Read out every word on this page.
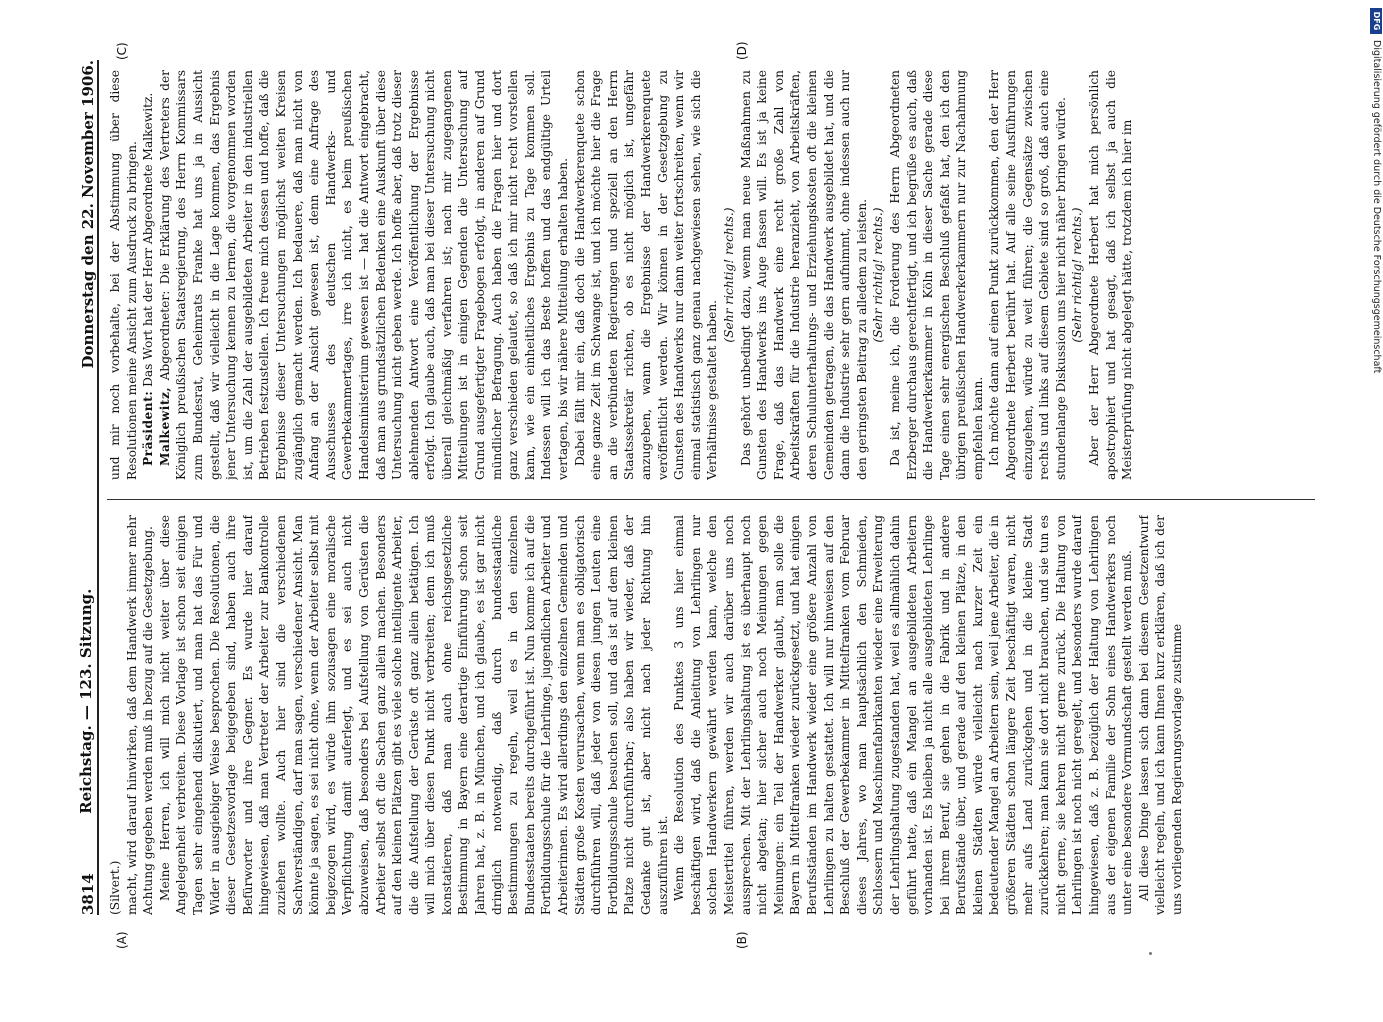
3814
Reichstag. — 123. Sitzung.
Donnerstag den 22. November 1906.
(A)	(B)
(C)	(D)

(Silvert.) macht, wird darauf hinwirken, daß dem Handwerk immer mehr Achtung gegeben werden muß in bezug auf die Gesetzgebung. Meine Herren, ich will mich nicht weiter über diese Angelegenheit verbreiten. Diese Vorlage ist schon seit einigen Tagen sehr eingehend diskutiert, und man hat das Für und Wider in ausgiebiger Weise besprochen. Die Resolutionen, die dieser Gesetzesvorlage beigegeben sind, haben auch ihre Befürworter und ihre Gegner. Es wurde hier darauf hingewiesen, daß man Vertreter der Arbeiter zur Bankontrolle zuziehen wollte. Auch hier sind die verschiedenen Sachverständigen, darf man sagen, verschiedener Ansicht. Man könnte ja sagen, es sei nicht ohne, wenn der Arbeiter selbst mit beigezogen wird, es würde ihm sozusagen eine moralische Verpflichtung damit auferlegt, und es sei auch nicht abzuweisen, daß besonders bei Aufstellung von Gerüsten die Arbeiter selbst oft die Sachen ganz allein machen. Besonders auf den kleinen Plätzen gibt es viele solche intelligente Arbeiter, die die Aufstellung der Gerüste oft ganz allein betätigen. Ich will mich über diesen Punkt nicht verbreiten; denn ich muß konstatieren, daß man auch ohne reichsgesetzliche Bestimmung in Bayern eine derartige Einführung schon seit Jahren hat, z. B. in München, und ich glaube, es ist gar nicht dringlich notwendig, daß durch bundesstaatliche Bestimmungen zu regeln, weil es in den einzelnen Bundesstaaten bereits durchgeführt ist. Nun komme ich auf die Fortbildungsschule für die Lehrlinge, jugendlichen Arbeiter und Arbeiterinnen. Es wird allerdings den einzelnen Gemeinden und Städten große Kosten verursachen, wenn man es obligatorisch durchführen will, daß jeder von diesen jungen Leuten eine Fortbildungsschule besuchen soll, und das ist auf dem kleinen Platze nicht durchführbar; also haben wir wieder, daß der Gedanke gut ist, aber nicht nach jeder Richtung hin auszuführen ist. Wenn die Resolution des Punktes 3 uns hier einmal beschäftigen wird, daß die Anleitung von Lehrlingen nur solchen Handwerkern gewährt werden kann, welche den Meistertitel führen, werden wir auch darüber uns noch aussprechen. Mit der Lehrlingshaltung ist es überhaupt noch nicht abgetan; hier sicher auch noch Meinungen gegen Meinungen: ein Teil der Handwerker glaubt, man solle die Bayern in Mittelfranken wieder zurückgesetzt, und hat einigen Berufsständen im Handwerk wieder eine größere Anzahl von Lehrlingen zu halten gestattet. Ich will nur hinweisen auf den Beschluß der Gewerbekammer in Mittelfranken vom Februar dieses Jahres, wo man hauptsächlich den Schmieden, Schlossern und Maschinenfabrikanten wieder eine Erweiterung der Lehrlingshaltung zugestanden hat, weil es allmählich dahin geführt hatte, daß ein Mangel an ausgebildeten Arbeitern vorhanden ist. Es bleiben ja nicht alle ausgebildeten Lehrlinge bei ihrem Beruf, sie gehen in die Fabrik und in andere Berufsstände über, und gerade auf den kleinen Plätze, in den kleinen Städten würde vielleicht nach kurzer Zeit ein bedeutender Mangel an Arbeitern sein, weil jene Arbeiter, die in größeren Städten schon längere Zeit beschäftigt waren, nicht mehr aufs Land zurückgehen und in die kleine Stadt zurückkehren; man kann sie dort nicht brauchen, und sie tun es nicht gerne, sie kehren nicht gerne zurück. Die Haltung von Lehrlingen ist noch nicht geregelt, und besonders wurde darauf hingewiesen, daß z. B. bezüglich der Haltung von Lehrlingen aus der eigenen Familie der Sohn eines Handwerkers noch unter eine besondere Vormundschaft gestellt werden muß. All diese Dinge lassen sich dann bei diesem Gesetzentwurf vielleicht regeln, und ich kann Ihnen kurz erklären, daß ich der uns vorliegenden Regierungsvorlage zustimme

und mir noch vorbehalte, bei der Abstimmung über diese Resolutionen meine Ansicht zum Ausdruck zu bringen. Präsident: Das Wort hat der Herr Abgeordnete Malkewitz.

Malkewitz, Abgeordneter: Die Erklärung des Vertreters der Königlich preußischen Staatsregierung, des Herrn Kommissars zum Bundesrat, Geheimrats Franke hat uns ja in Aussicht gestellt, daß wir vielleicht in die Lage kommen, das Ergebnis jener Untersuchung kennen zu lernen, die vorgenommen worden ist, um die Zahl der ausgebildeten Arbeiter in den industriellen Betrieben festzustellen. Ich freue mich dessen und hoffe, daß die Ergebnisse dieser Untersuchungen möglichst weiten Kreisen zugänglich gemacht werden. Ich bedauere, daß man nicht von Anfang an der Ansicht gewesen ist, denn eine Anfrage des Ausschusses des deutschen Handwerks- und Gewerbekammertages, irre ich nicht, es beim preußischen Handelsministerium gewesen ist — hat die Antwort eingebracht, daß man aus grundsätzlichen Bedenken eine Auskunft über diese Untersuchung nicht geben werde. Ich hoffe aber, daß trotz dieser ablehnenden Antwort eine Veröffentlichung der Ergebnisse erfolgt. Ich glaube auch, daß man bei dieser Untersuchung nicht überall gleichmäßig verfahren ist; nach mir zugegangenen Mitteilungen ist in einigen Gegenden die Untersuchung auf Grund ausgefertigter Fragebogen erfolgt, in anderen auf Grund mündlicher Befragung. Auch haben die Fragen hier und dort ganz verschieden gelautet, so daß ich mir nicht recht vorstellen kann, wie ein einheitliches Ergebnis zu Tage kommen soll. Indessen will ich das Beste hoffen und das endgültige Urteil vertagen, bis wir nähere Mitteilung erhalten haben. Dabei fällt mir ein, daß doch die Handwerkerenquete schon eine ganze Zeit im Schwange ist, und ich möchte hier die Frage an die verbündeten Regierungen und speziell an den Herrn Staatssekretär richten, ob es nicht möglich ist, ungefähr anzugeben, wann die Ergebnisse der Handwerkerenquete veröffentlicht werden. Wir können in der Gesetzgebung zu Gunsten des Handwerks nur dann weiter fortschreiten, wenn wir einmal statistisch ganz genau nachgewiesen sehen, wie sich die Verhältnisse gestaltet haben.

(Sehr richtig! rechts.) Das gehört unbedingt dazu, wenn man neue Maßnahmen zu Gunsten des Handwerks ins Auge fassen will. Es ist ja keine Frage, daß das Handwerk eine recht große Zahl von Arbeitskräften für die Industrie heranzieht, von Arbeitskräften, deren Schulunterhaltungs- und Erziehungskosten oft die kleinen Gemeinden getragen, die das Handwerk ausgebildet hat, und die dann die Industrie sehr gern aufnimmt, ohne indessen auch nur den geringsten Beitrag zu alledem zu leisten. (Sehr richtig! rechts.) Da ist, meine ich, die Forderung des Herrn Abgeordneten Erzberger durchaus gerechtfertigt, und ich begrüße es auch, daß die Handwerkerkammer in Köln in dieser Sache gerade diese Tage einen sehr energischen Beschluß gefaßt hat, den ich den übrigen preußischen Handwerkerkammern nur zur Nachahmung empfehlen kann. Ich möchte dann auf einen Punkt zurückkommen, den der Herr Abgeordnete Herbert berührt hat. Auf alle seine Ausführungen einzugehen, würde zu weit führen; die Gegensätze zwischen rechts und links auf diesem Gebiete sind so groß, daß auch eine stundenlange Diskussion uns hier nicht näher bringen würde. (Sehr richtig! rechts.) Aber der Herr Abgeordnete Herbert hat mich persönlich apostrophiert und hat gesagt, daß ich selbst ja auch die Meisterprüfung nicht abgelegt hätte, trotzdem ich hier im

DFG
Digitalisierung gefördert durch die Deutsche Forschungsgemeinschaft
